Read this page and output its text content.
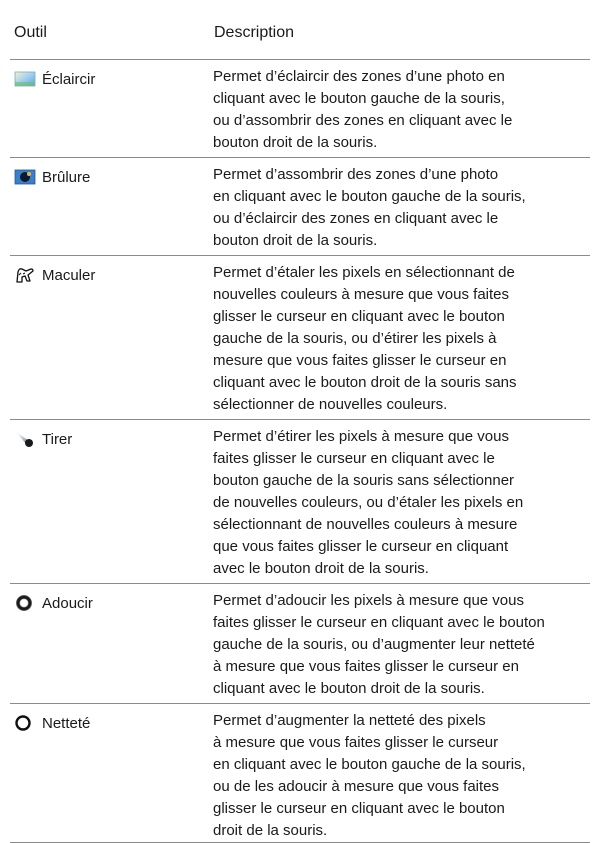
Outil	Description
Éclaircir	Permet d’éclaircir des zones d’une photo en
cliquant avec le bouton gauche de la souris,
ou d’assombrir des zones en cliquant avec le
bouton droit de la souris.
Brûlure	Permet d’assombrir des zones d’une photo
en cliquant avec le bouton gauche de la souris,
ou d’éclaircir des zones en cliquant avec le
bouton droit de la souris.
Maculer	Permet d’étaler les pixels en sélectionnant de
nouvelles couleurs à mesure que vous faites
glisser le curseur en cliquant avec le bouton
gauche de la souris, ou d’étirer les pixels à
mesure que vous faites glisser le curseur en
cliquant avec le bouton droit de la souris sans
sélectionner de nouvelles couleurs.
Tirer	Permet d’étirer les pixels à mesure que vous
faites glisser le curseur en cliquant avec le
bouton gauche de la souris sans sélectionner
de nouvelles couleurs, ou d’étaler les pixels en
sélectionnant de nouvelles couleurs à mesure
que vous faites glisser le curseur en cliquant
avec le bouton droit de la souris.
Adoucir	Permet d’adoucir les pixels à mesure que vous
faites glisser le curseur en cliquant avec le bouton
gauche de la souris, ou d’augmenter leur netteté
à mesure que vous faites glisser le curseur en
cliquant avec le bouton droit de la souris.
Netteté	Permet d’augmenter la netteté des pixels
à mesure que vous faites glisser le curseur
en cliquant avec le bouton gauche de la souris,
ou de les adoucir à mesure que vous faites
glisser le curseur en cliquant avec le bouton
droit de la souris.
